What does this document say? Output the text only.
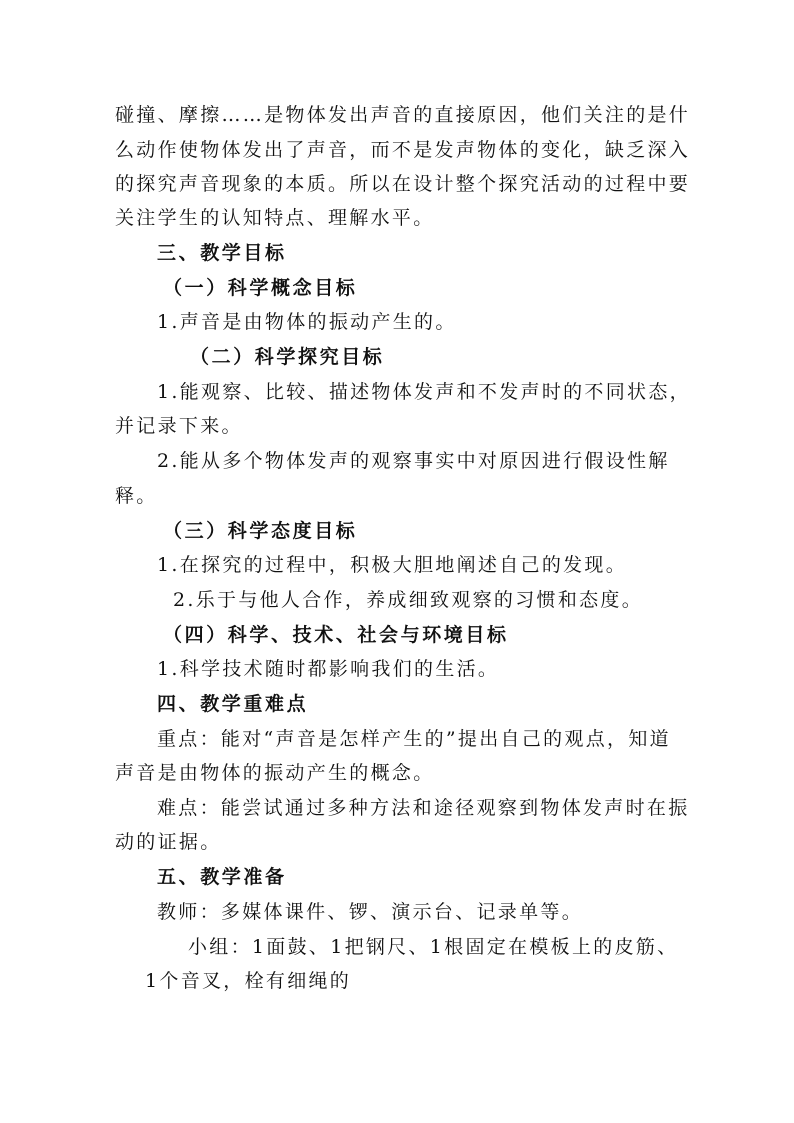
碰撞、摩擦……是物体发出声音的直接原因，他们关注的是什
么动作使物体发出了声音，而不是发声物体的变化，缺乏深入
的探究声音现象的本质。所以在设计整个探究活动的过程中要
关注学生的认知特点、理解水平。
三、教学目标
（一）科学概念目标
1.声音是由物体的振动产生的。
（二）科学探究目标
1.能观察、比较、描述物体发声和不发声时的不同状态，
并记录下来。
2.能从多个物体发声的观察事实中对原因进行假设性解
释。
（三）科学态度目标
1.在探究的过程中，积极大胆地阐述自己的发现。
2.乐于与他人合作，养成细致观察的习惯和态度。
（四）科学、技术、社会与环境目标
1.科学技术随时都影响我们的生活。
四、教学重难点
重点：能对“声音是怎样产生的”提出自己的观点，知道
声音是由物体的振动产生的概念。
难点：能尝试通过多种方法和途径观察到物体发声时在振
动的证据。
五、教学准备
教师：多媒体课件、锣、演示台、记录单等。
小组：1面鼓、1把钢尺、1根固定在模板上的皮筋、
1个音叉，栓有细绳的
